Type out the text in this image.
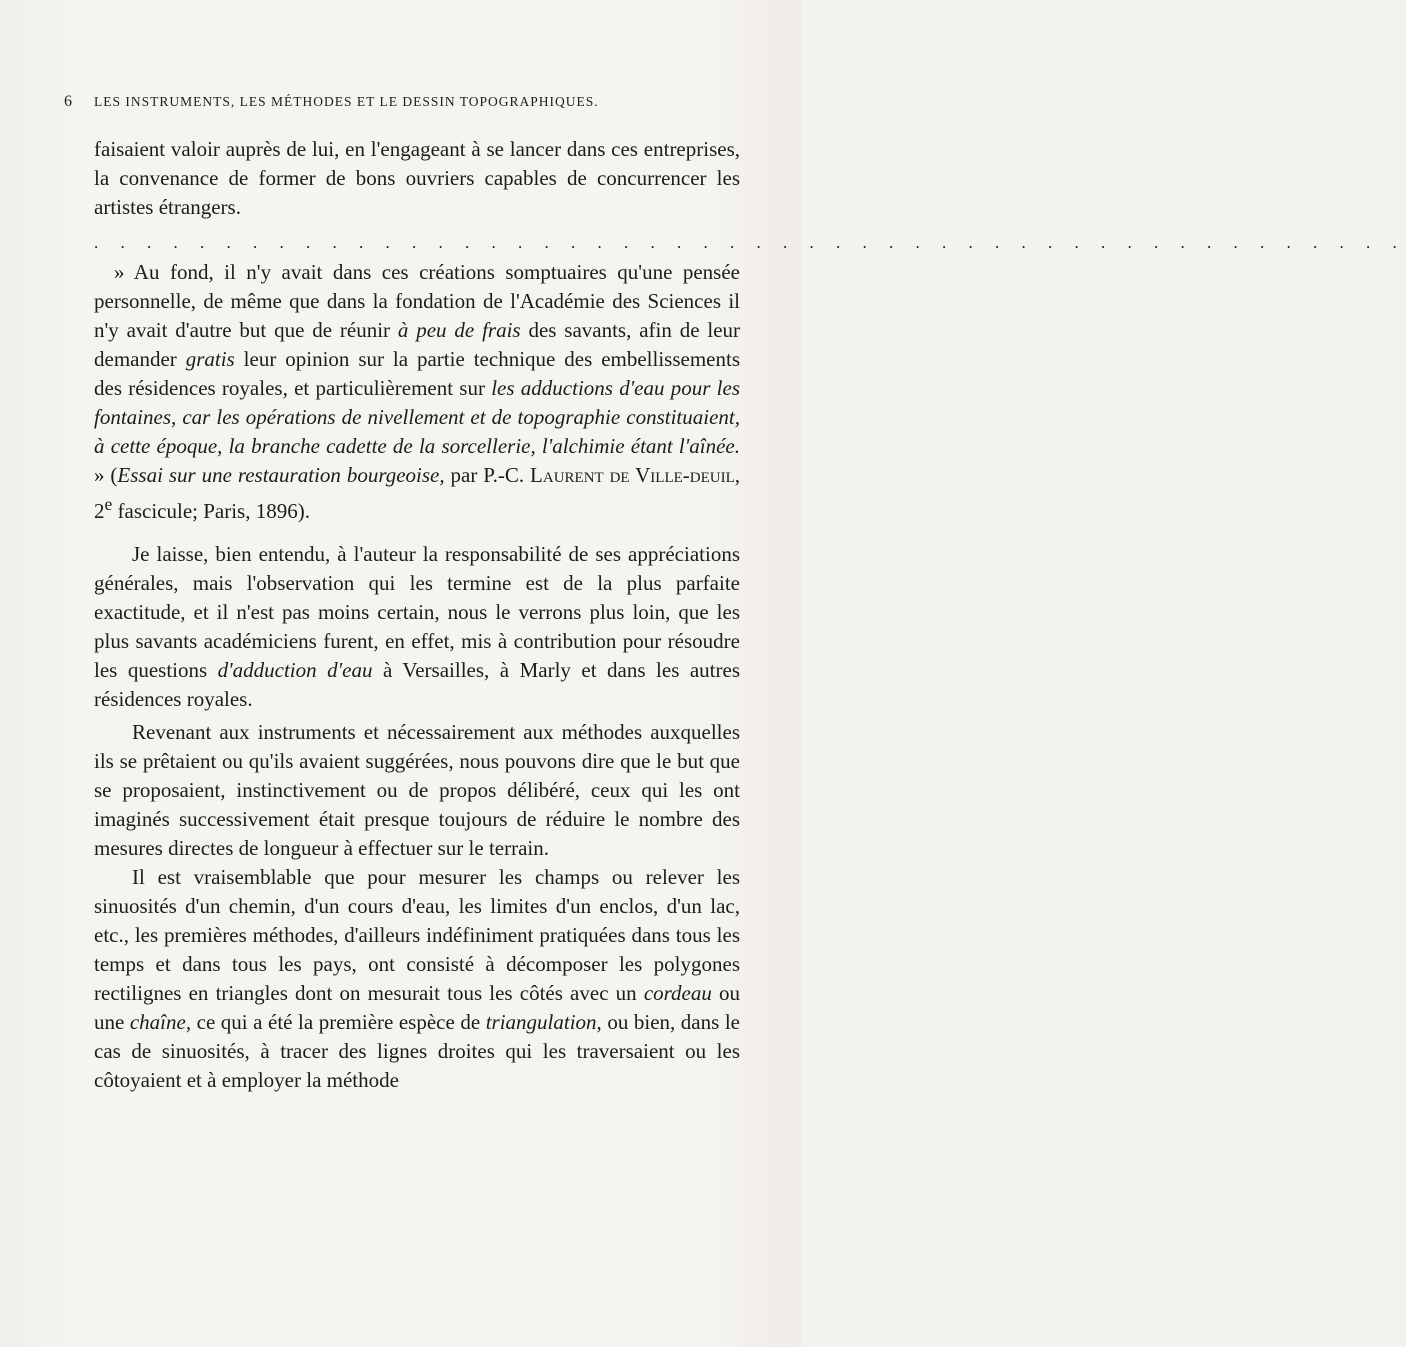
6 LES INSTRUMENTS, LES MÉTHODES ET LE DESSIN TOPOGRAPHIQUES.

faisaient valoir auprès de lui, en l'engageant à se lancer dans ces entreprises, la convenance de former de bons ouvriers capables de concurrencer les artistes étrangers.

. . . . . . . . . . . . . . . . . . . . . . . . . . . . . . . . . . . . . . . . . . . . . . . . . .

» Au fond, il n'y avait dans ces créations somptuaires qu'une pensée personnelle, de même que dans la fondation de l'Académie des Sciences il n'y avait d'autre but que de réunir à peu de frais des savants, afin de leur demander gratis leur opinion sur la partie technique des embellissements des résidences royales, et particulièrement sur les adductions d'eau pour les fontaines, car les opérations de nivellement et de topographie constituaient, à cette époque, la branche cadette de la sorcellerie, l'alchimie étant l'aînée. » (Essai sur une restauration bourgeoise, par P.-C. Laurent de Ville-deuil, 2e fascicule; Paris, 1896).

Je laisse, bien entendu, à l'auteur la responsabilité de ses appréciations générales, mais l'observation qui les termine est de la plus parfaite exactitude, et il n'est pas moins certain, nous le verrons plus loin, que les plus savants académiciens furent, en effet, mis à contribution pour résoudre les questions d'adduction d'eau à Versailles, à Marly et dans les autres résidences royales.

Revenant aux instruments et nécessairement aux méthodes auxquelles ils se prêtaient ou qu'ils avaient suggérées, nous pouvons dire que le but que se proposaient, instinctivement ou de propos délibéré, ceux qui les ont imaginés successivement était presque toujours de réduire le nombre des mesures directes de longueur à effectuer sur le terrain.

Il est vraisemblable que pour mesurer les champs ou relever les sinuosités d'un chemin, d'un cours d'eau, les limites d'un enclos, d'un lac, etc., les premières méthodes, d'ailleurs indéfiniment pratiquées dans tous les temps et dans tous les pays, ont consisté à décomposer les polygones rectilignes en triangles dont on mesurait tous les côtés avec un cordeau ou une chaîne, ce qui a été la première espèce de triangulation, ou bien, dans le cas de sinuosités, à tracer des lignes droites qui les traversaient ou les côtoyaient et à employer la méthode
